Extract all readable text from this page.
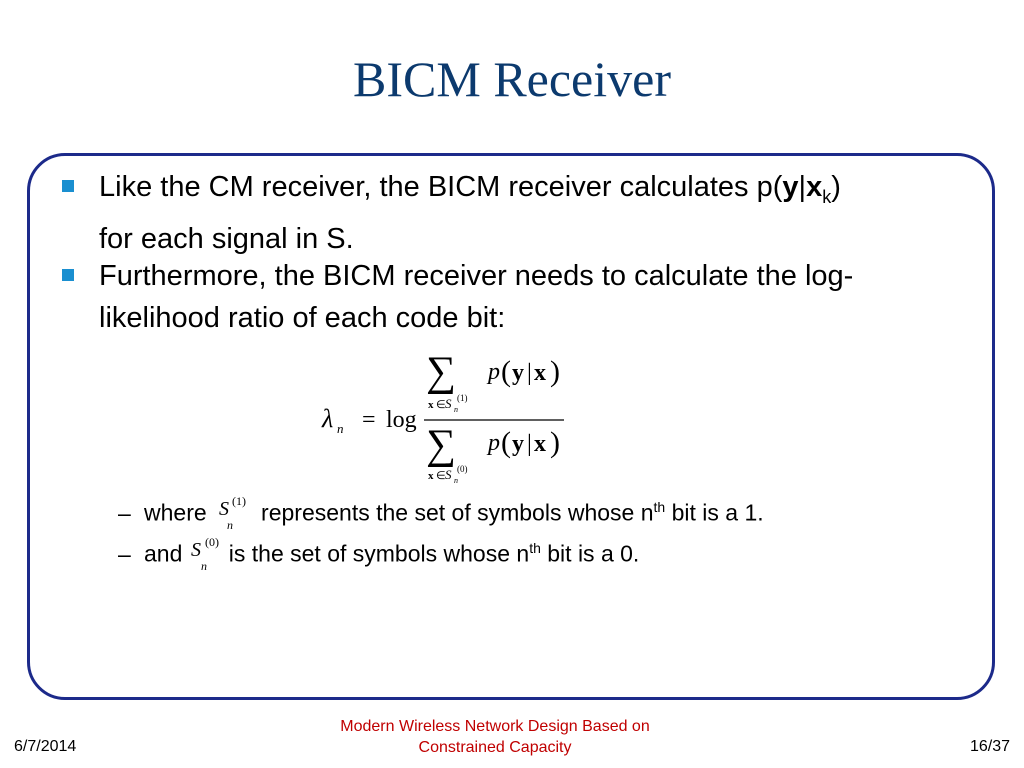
BICM Receiver
Like the CM receiver, the BICM receiver calculates $p(y|x_k)$
for each signal in S.
Furthermore, the BICM receiver needs to calculate the log-likelihood ratio of each code bit:
∑ p ( y | x )
x ∈ S n
(1)
λ n = log
∑ p ( y | x )
x ∈ S n
(0)
– where S
n
(1) represents the set of symbols whose $n^{th}$ bit is a 1.
– and S
n
(0) is the set of symbols whose $n^{th}$ bit is a 0.
6/7/2014
Modern Wireless Network Design Based on
Constrained Capacity	16/37
